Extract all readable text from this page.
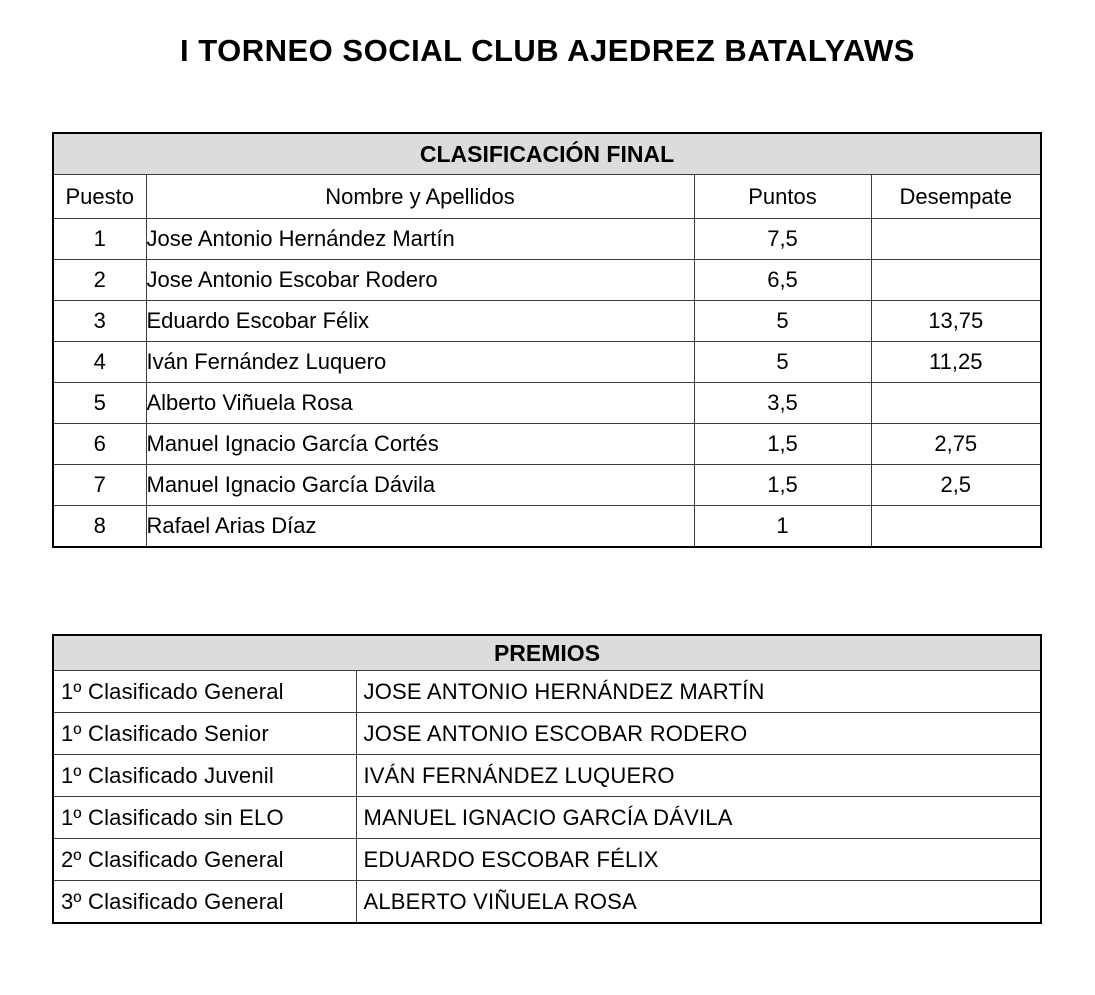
I TORNEO SOCIAL CLUB AJEDREZ BATALYAWS
CLASIFICACIÓN FINAL			
Puesto	Nombre y Apellidos	Puntos	Desempate
1	Jose Antonio Hernández Martín	7,5	
2	Jose Antonio Escobar Rodero	6,5	
3	Eduardo Escobar Félix	5	13,75
4	Iván Fernández Luquero	5	11,25
5	Alberto Viñuela Rosa	3,5	
6	Manuel Ignacio García Cortés	1,5	2,75
7	Manuel Ignacio García Dávila	1,5	2,5
8	Rafael Arias Díaz	1	
PREMIOS	
1º Clasificado General	JOSE ANTONIO HERNÁNDEZ MARTÍN
1º Clasificado Senior	JOSE ANTONIO ESCOBAR RODERO
1º Clasificado Juvenil	IVÁN FERNÁNDEZ LUQUERO
1º Clasificado sin ELO	MANUEL IGNACIO GARCÍA DÁVILA
2º Clasificado General	EDUARDO ESCOBAR FÉLIX
3º Clasificado General	ALBERTO VIÑUELA ROSA
